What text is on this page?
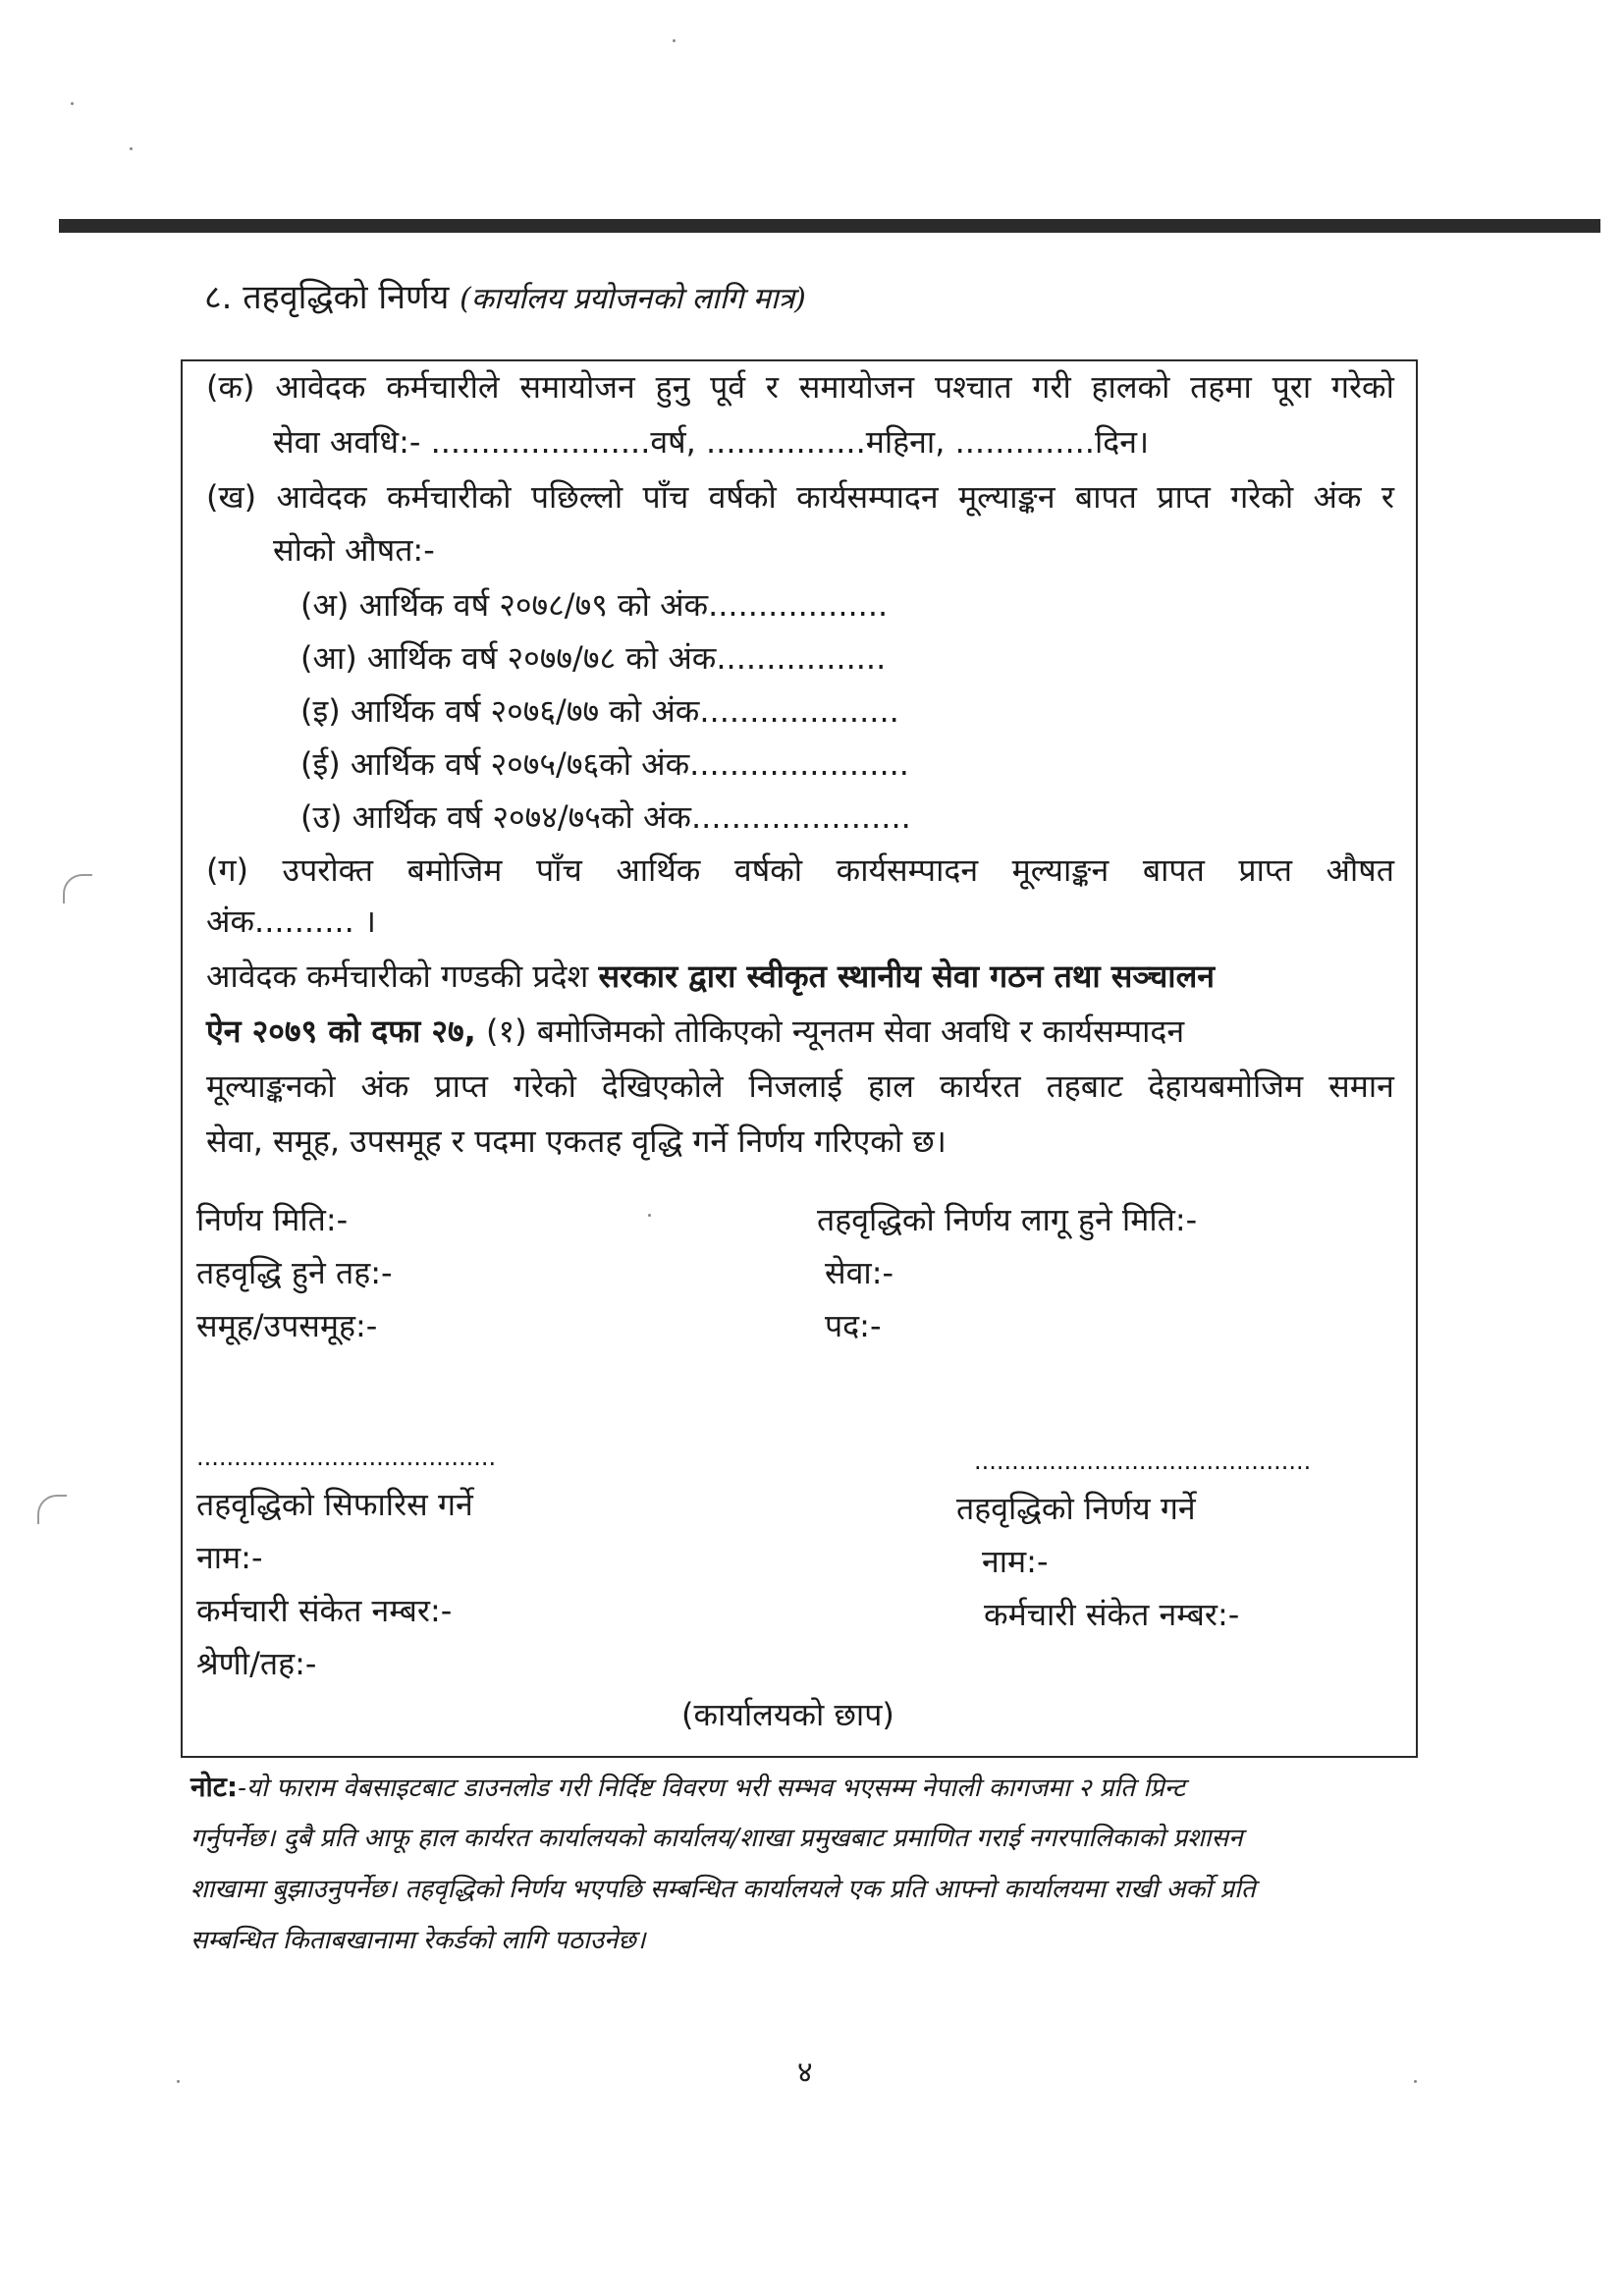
८. तहवृद्धिको निर्णय (कार्यालय प्रयोजनको लागि मात्र)
(क) आवेदक कर्मचारीले समायोजन हुनु पूर्व र समायोजन पश्चात गरी हालको तहमा पूरा गरेको
सेवा अवधि:- ......................वर्ष, ................महिना, ..............दिन।
(ख) आवेदक कर्मचारीको पछिल्लो पाँच वर्षको कार्यसम्पादन मूल्याङ्कन बापत प्राप्त गरेको अंक र
सोको औषत:-
(अ) आर्थिक वर्ष २०७८/७९ को अंक..................
(आ) आर्थिक वर्ष २०७७/७८ को अंक.................
(इ) आर्थिक वर्ष २०७६/७७ को अंक....................
(ई) आर्थिक वर्ष २०७५/७६को अंक......................
(उ) आर्थिक वर्ष २०७४/७५को अंक......................
(ग) उपरोक्त बमोजिम पाँच आर्थिक वर्षको कार्यसम्पादन मूल्याङ्कन बापत प्राप्त औषत
अंक.......... ।
आवेदक कर्मचारीको गण्डकी प्रदेश सरकार द्वारा स्वीकृत स्थानीय सेवा गठन तथा सञ्चालन
ऐन २०७९ को दफा २७, (१) बमोजिमको तोकिएको न्यूनतम सेवा अवधि र कार्यसम्पादन
मूल्याङ्कनको अंक प्राप्त गरेको देखिएकोले निजलाई हाल कार्यरत तहबाट देहायबमोजिम समान
सेवा, समूह, उपसमूह र पदमा एकतह वृद्धि गर्ने निर्णय गरिएको छ।
निर्णय मिति:-	तहवृद्धिको निर्णय लागू हुने मिति:-
तहवृद्धि हुने तह:-	सेवा:-
समूह/उपसमूह:-	पद:-
........................................	.............................................
तहवृद्धिको सिफारिस गर्ने	तहवृद्धिको निर्णय गर्ने
नाम:-	नाम:-
कर्मचारी संकेत नम्बर:-	कर्मचारी संकेत नम्बर:-
श्रेणी/तह:-
(कार्यालयको छाप)
नोट:-यो फाराम वेबसाइटबाट डाउनलोड गरी निर्दिष्ट विवरण भरी सम्भव भएसम्म नेपाली कागजमा २ प्रति प्रिन्ट
गर्नुपर्नेछ। दुबै प्रति आफू हाल कार्यरत कार्यालयको कार्यालय/शाखा प्रमुखबाट प्रमाणित गराई नगरपालिकाको प्रशासन
शाखामा बुझाउनुपर्नेछ। तहवृद्धिको निर्णय भएपछि सम्बन्धित कार्यालयले एक प्रति आफ्नो कार्यालयमा राखी अर्को प्रति
सम्बन्धित किताबखानामा रेकर्डको लागि पठाउनेछ।
४
